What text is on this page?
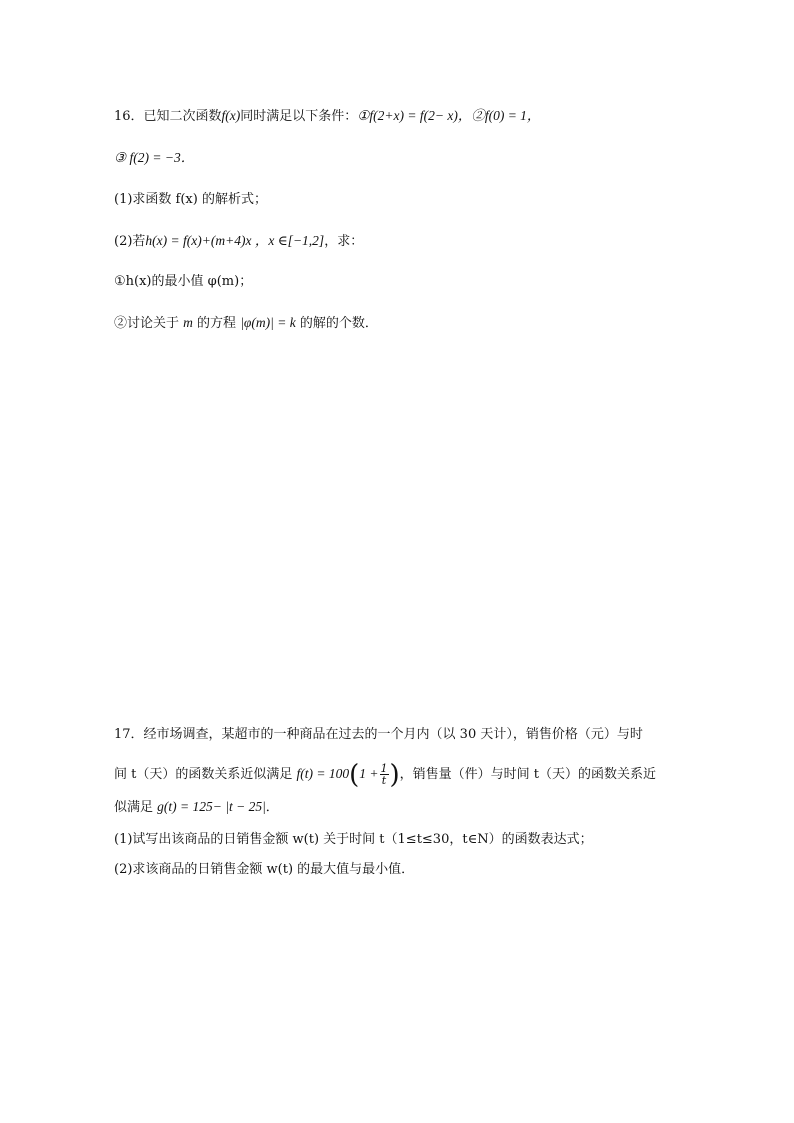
16．已知二次函数f(x)同时满足以下条件：①f(2+x) = f(2− x)，②f(0) = 1，
③ f(2) = −3．
(1)求函数 f(x) 的解析式；
(2)若h(x) = f(x)+(m+4)x ，x ∈[−1,2]，求：
①h(x)的最小值 φ(m)；
②讨论关于 m 的方程 |φ(m)| = k 的解的个数．
17．经市场调查，某超市的一种商品在过去的一个月内（以 30 天计），销售价格（元）与时
间 t（天）的函数关系近似满足 $f(t) = 100(1 + \frac{1}{t}$ )，销售量（件）与时间 t（天）的函数关系近
似满足 g(t) = 125− |t − 25|．
(1)试写出该商品的日销售金额 w(t) 关于时间 t（1≤t≤30，t∈N）的函数表达式；
(2)求该商品的日销售金额 w(t) 的最大值与最小值．
